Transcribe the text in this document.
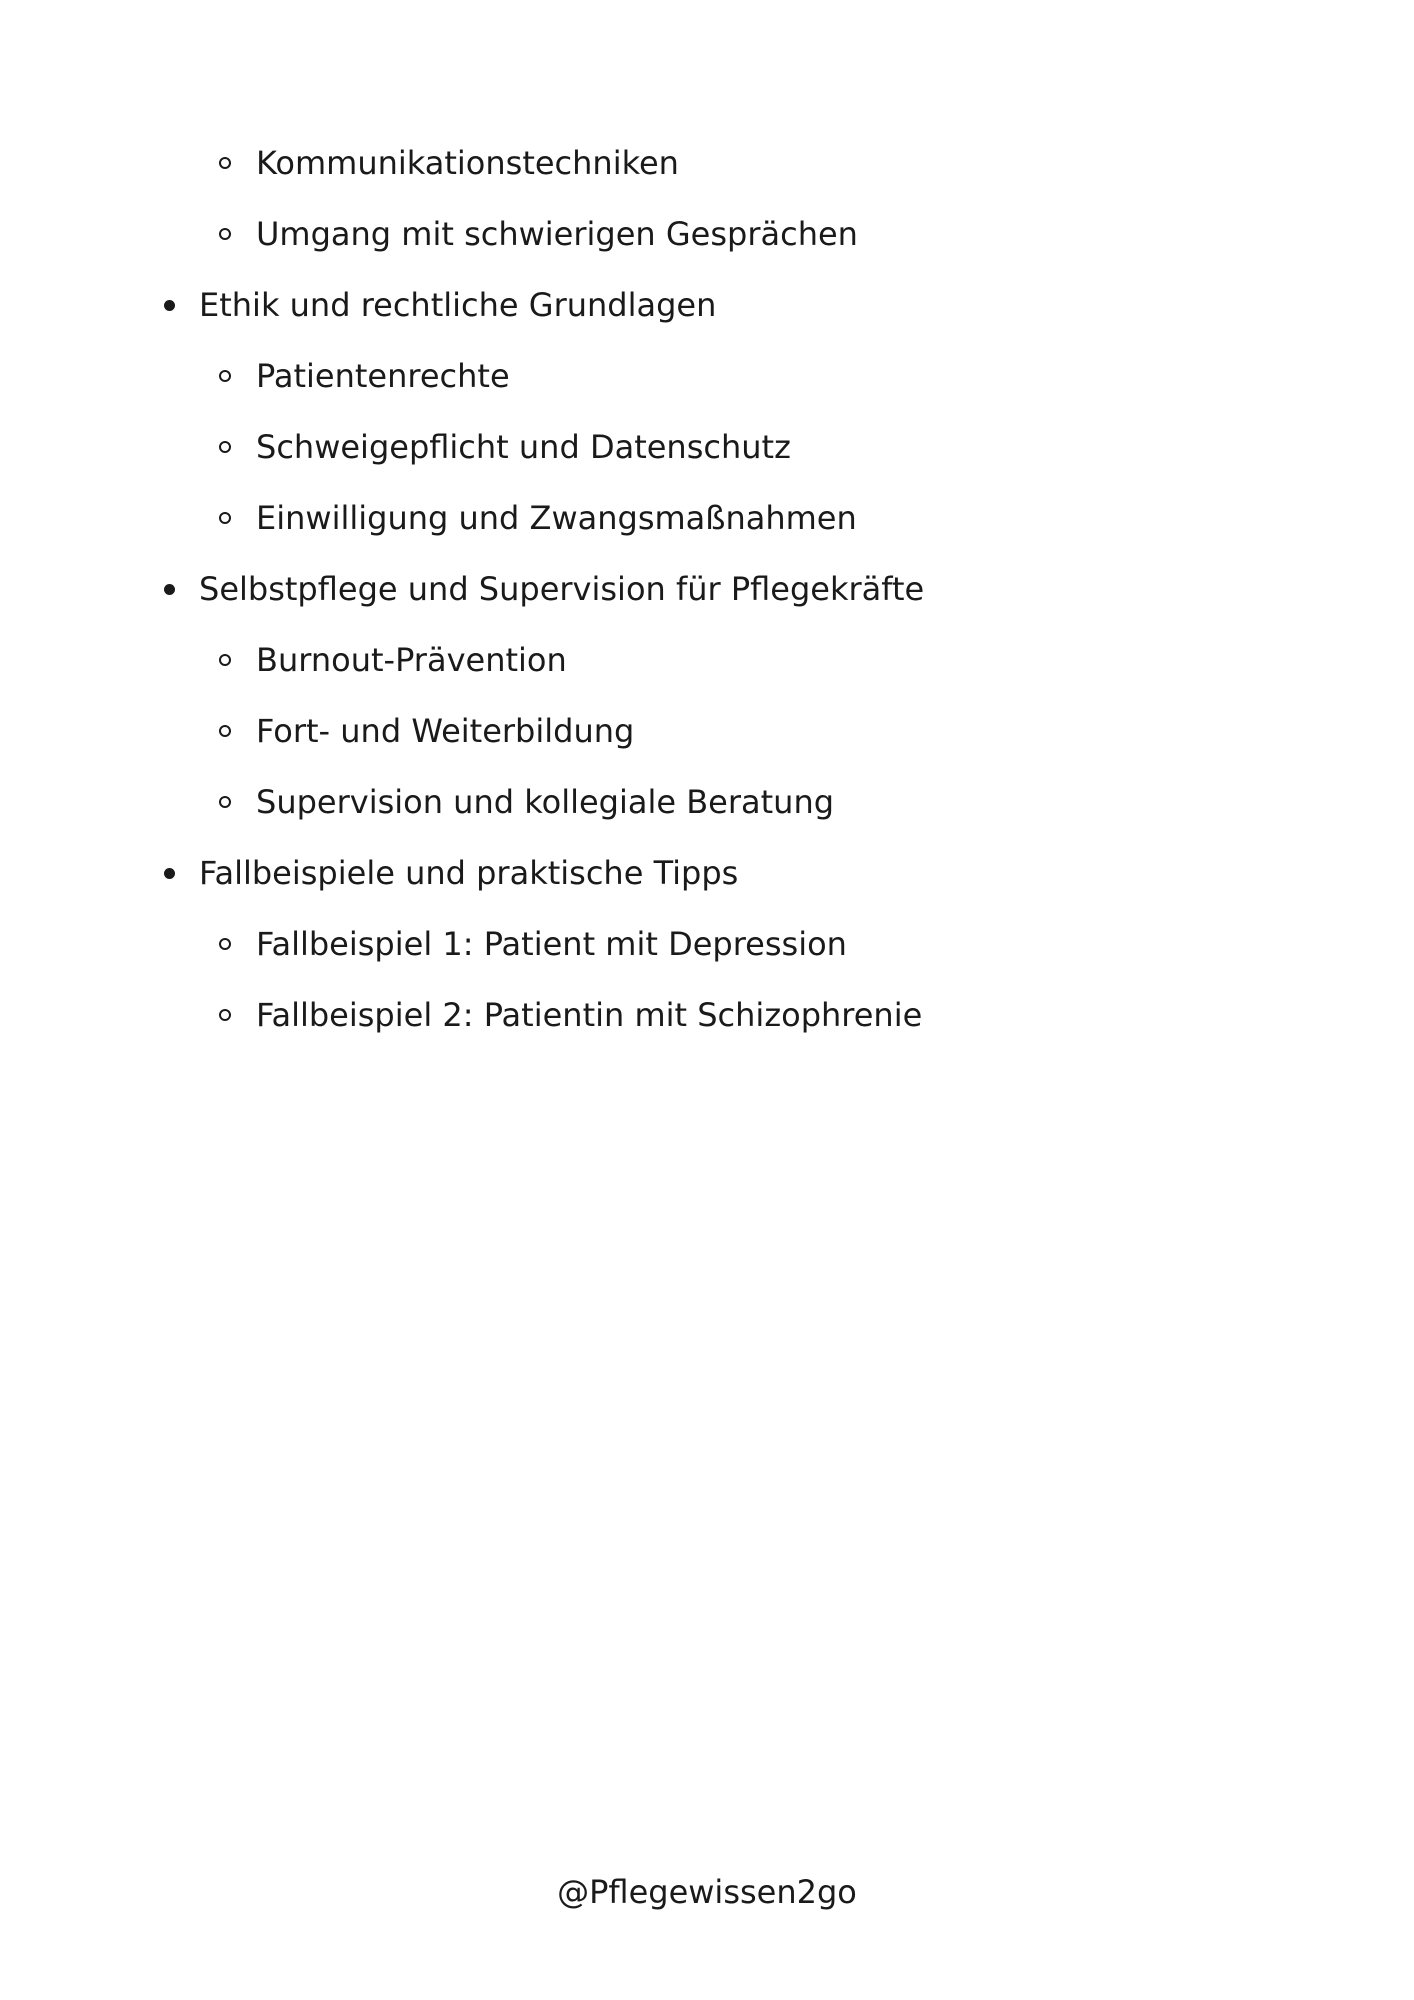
Kommunikationstechniken
Umgang mit schwierigen Gesprächen
Ethik und rechtliche Grundlagen
Patientenrechte
Schweigepflicht und Datenschutz
Einwilligung und Zwangsmaßnahmen
Selbstpflege und Supervision für Pflegekräfte
Burnout-Prävention
Fort- und Weiterbildung
Supervision und kollegiale Beratung
Fallbeispiele und praktische Tipps
Fallbeispiel 1: Patient mit Depression
Fallbeispiel 2: Patientin mit Schizophrenie
@Pflegewissen2go
